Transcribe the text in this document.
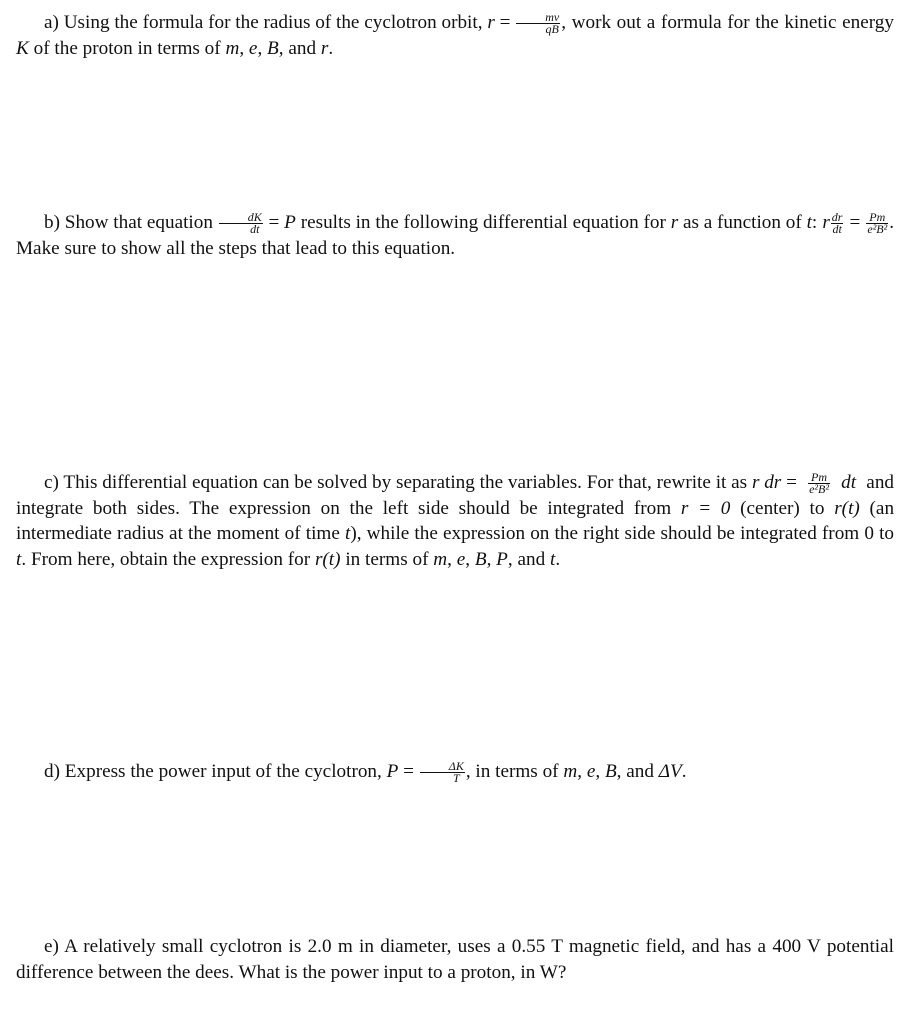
a) Using the formula for the radius of the cyclotron orbit, $r = \frac{mv}{qB}$ , work out a formula for the kinetic energy K of the proton in terms of m, e, B, and r.
b) Show that equation $\frac{dK}{dt} = P$ results in the following differential equation for r as a function of t: r $\frac{dr}{dt} = \frac{Pm}{\text{e²B²}}$ . Make sure to show all the steps that lead to this equation.
c) This differential equation can be solved by separating the variables. For that, rewrite it as r dr = $\frac{Pm}{\text{e²B²}}$ dt and integrate both sides. The expression on the left side should be integrated from r = 0 (center) to r(t) (an intermediate radius at the moment of time t), while the expression on the right side should be integrated from 0 to t. From here, obtain the expression for r(t) in terms of m, e, B, P, and t.
d) Express the power input of the cyclotron, $P = \frac{\Delta K}{T}$ , in terms of m, e, B, and ΔV.
e) A relatively small cyclotron is 2.0 m in diameter, uses a 0.55 T magnetic field, and has a 400 V potential difference between the dees. What is the power input to a proton, in W?
